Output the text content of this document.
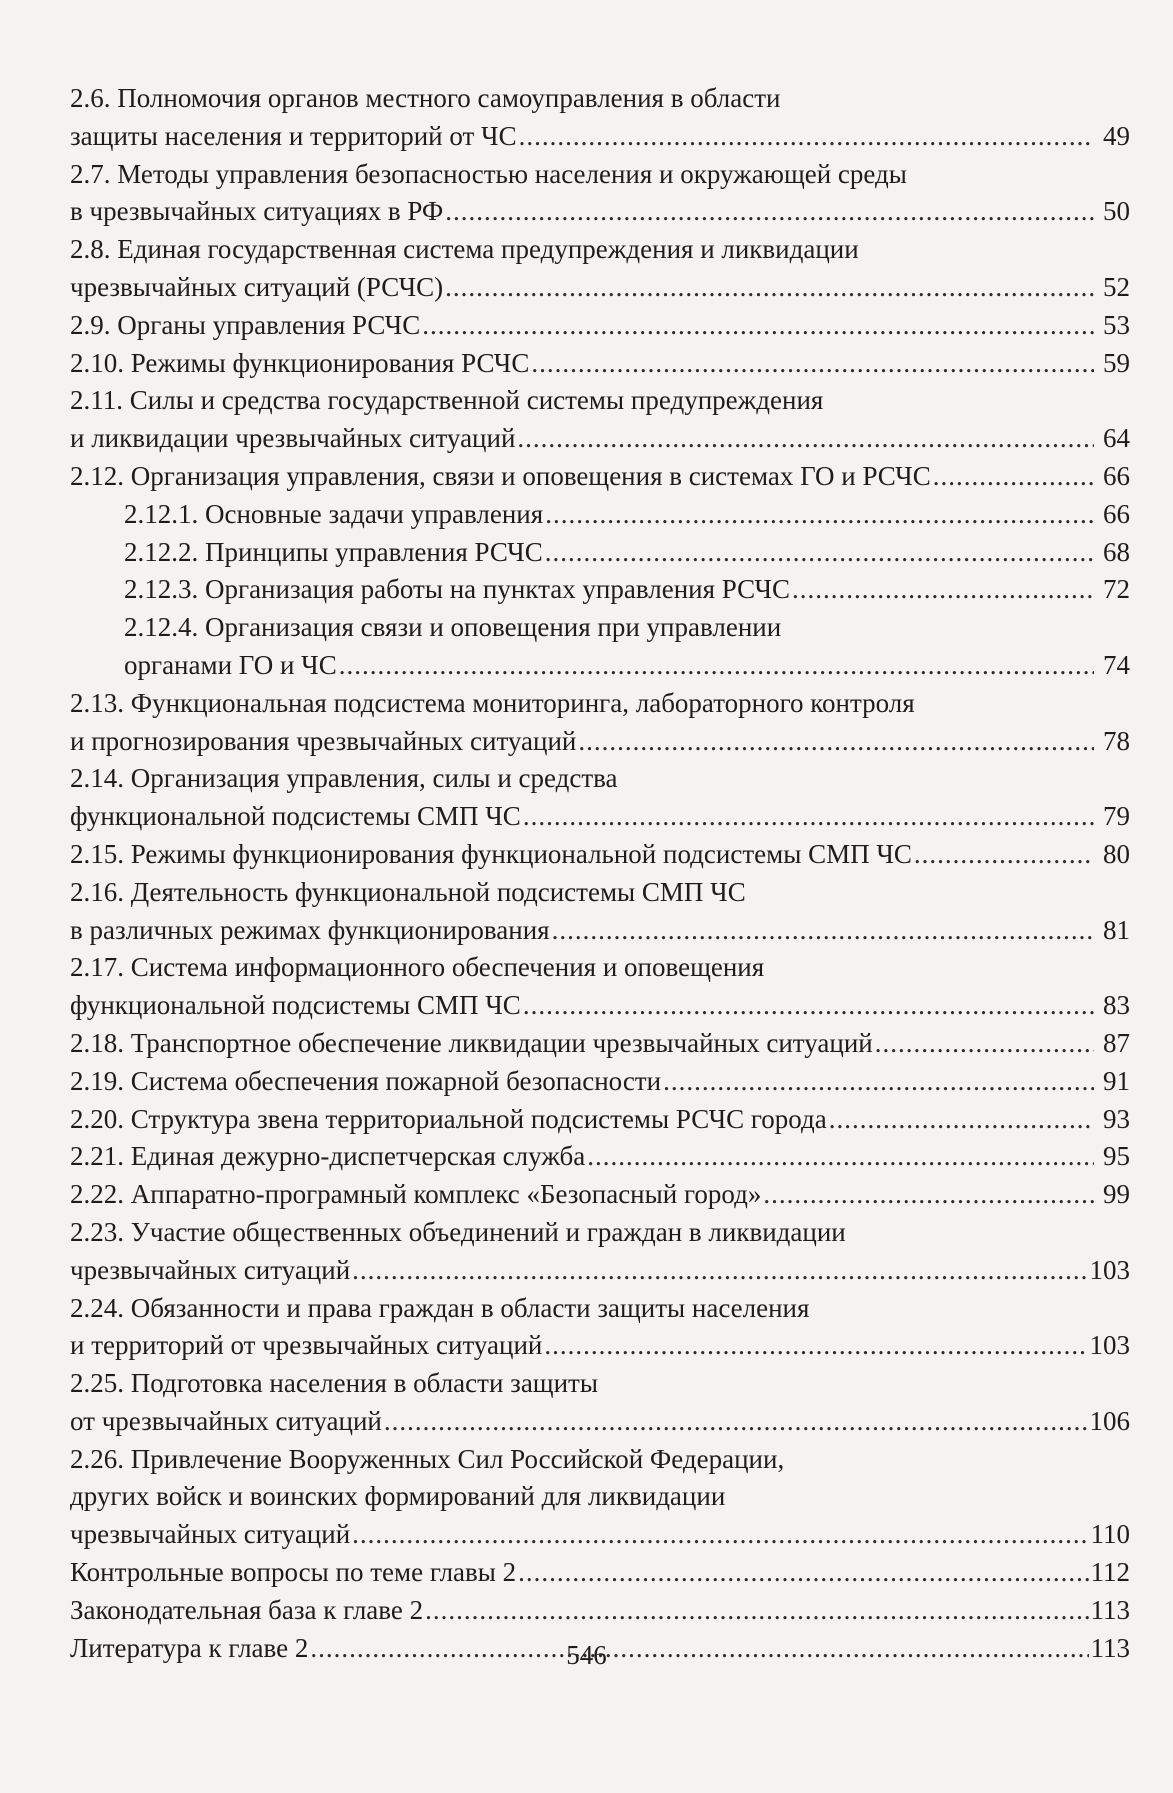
2.6. Полномочия органов местного самоуправления в области
защиты населения и территорий от ЧС .....	49
2.7. Методы управления безопасностью населения и окружающей среды
в чрезвычайных ситуациях в РФ .....	50
2.8. Единая государственная система предупреждения и ликвидации
чрезвычайных ситуаций (РСЧС) .....	52
2.9. Органы управления РСЧС .....	53
2.10. Режимы функционирования РСЧС .....	59
2.11. Силы и средства государственной системы предупреждения
и ликвидации чрезвычайных ситуаций .....	64
2.12. Организация управления, связи и оповещения в системах ГО и РСЧС .....	66
2.12.1. Основные задачи управления .....	66
2.12.2. Принципы управления РСЧС .....	68
2.12.3. Организация работы на пунктах управления РСЧС .....	72
2.12.4. Организация связи и оповещения при управлении
органами ГО и ЧС .....	74
2.13. Функциональная подсистема мониторинга, лабораторного контроля
и прогнозирования чрезвычайных ситуаций .....	78
2.14. Организация управления, силы и средства
функциональной подсистемы СМП ЧС .....	79
2.15. Режимы функционирования функциональной подсистемы СМП ЧС .....	80
2.16. Деятельность функциональной подсистемы СМП ЧС
в различных режимах функционирования .....	81
2.17. Система информационного обеспечения и оповещения
функциональной подсистемы СМП ЧС .....	83
2.18. Транспортное обеспечение ликвидации чрезвычайных ситуаций .....	87
2.19. Система обеспечения пожарной безопасности .....	91
2.20. Структура звена территориальной подсистемы РСЧС города .....	93
2.21. Единая дежурно-диспетчерская служба .....	95
2.22. Аппаратно-програмный комплекс «Безопасный город» .....	99
2.23. Участие общественных объединений и граждан в ликвидации
чрезвычайных ситуаций .....	103
2.24. Обязанности и права граждан в области защиты населения
и территорий от чрезвычайных ситуаций .....	103
2.25. Подготовка населения в области защиты
от чрезвычайных ситуаций .....	106
2.26. Привлечение Вооруженных Сил Российской Федерации,
других войск и воинских формирований для ликвидации
чрезвычайных ситуаций .....	110
Контрольные вопросы по теме главы 2 .....	112
Законодательная база к главе 2 .....	113
Литература к главе 2 .....	113
546
